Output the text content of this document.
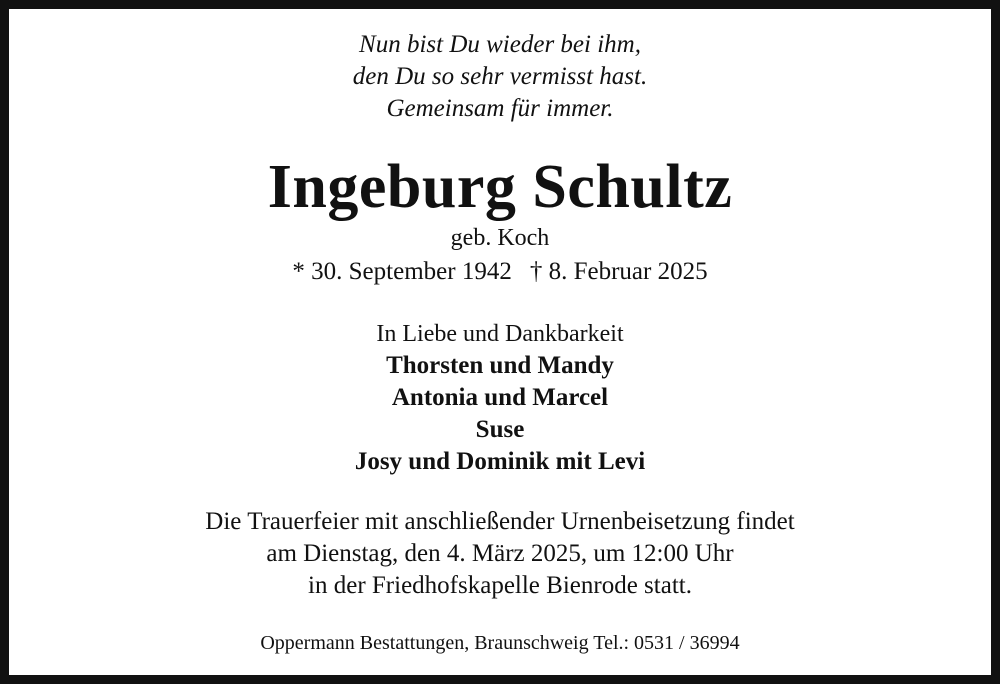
Nun bist Du wieder bei ihm,
den Du so sehr vermisst hast.
Gemeinsam für immer.
Ingeburg Schultz
geb. Koch
* 30. September 1942 † 8. Februar 2025
In Liebe und Dankbarkeit
Thorsten und Mandy
Antonia und Marcel
Suse
Josy und Dominik mit Levi
Die Trauerfeier mit anschließender Urnenbeisetzung findet
am Dienstag, den 4. März 2025, um 12:00 Uhr
in der Friedhofskapelle Bienrode statt.
Oppermann Bestattungen, Braunschweig Tel.: 0531 / 36994
